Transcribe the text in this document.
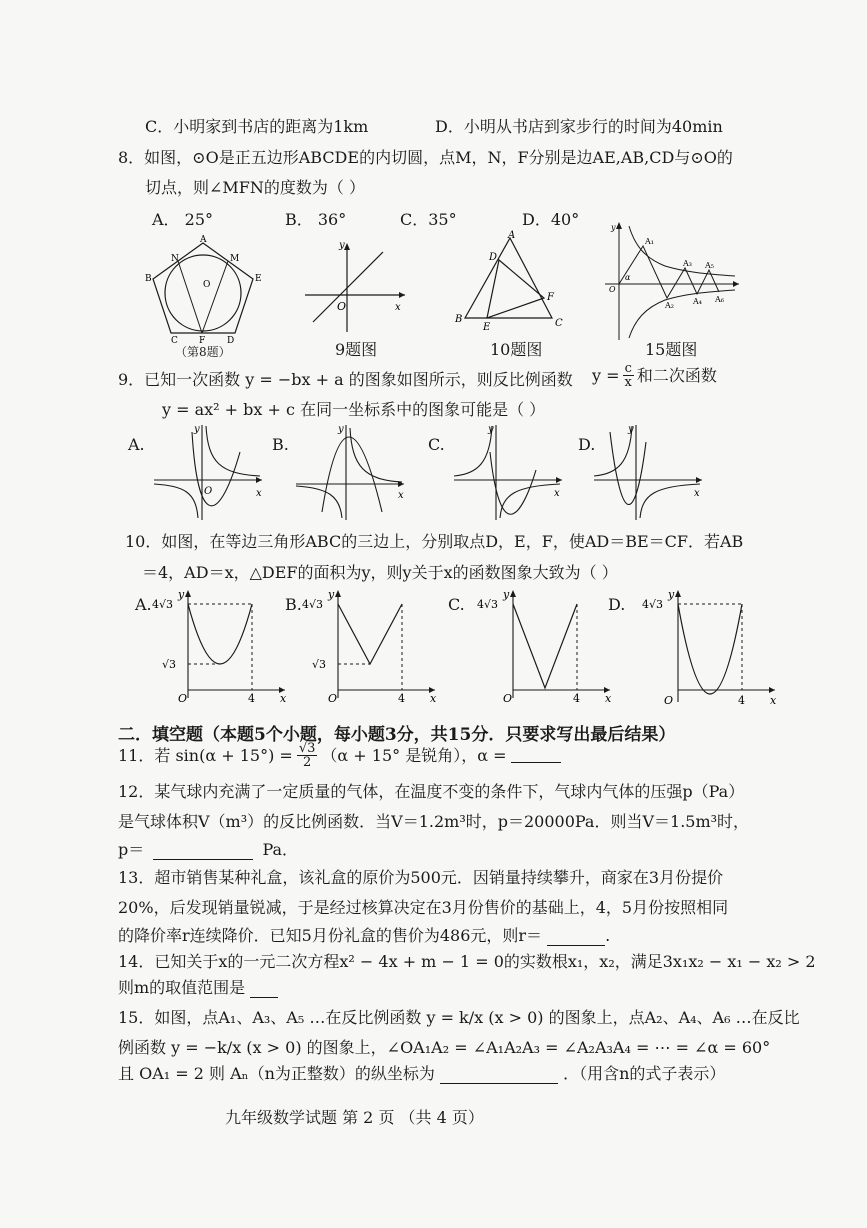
C．小明家到书店的距离为1km	D．小明从书店到家步行的时间为40min
8．如图，⊙O是正五边形ABCDE的内切圆，点M，N，F分别是边AE,AB,CD与⊙O的
切点，则∠MFN的度数为（ ）
A． 25°	B． 36°	C．35°	D．40°
A
E
B
C	D
F
N	M
O
（第8题）
y
x
O
9题图
A
D
F
B	C
E
10题图
A₁
A₂
A₃
A₄
A₅
A₆
α
O
y
15题图
9．已知一次函数 y = −bx + a 的图象如图所示，则反比例函数 $y = \frac{c}{x}$ 和二次函数
y = ax² + bx + c 在同一坐标系中的图象可能是（ ）
A.
x
O
y
B.
x
y
C.
x
y
D.
x
y
10．如图，在等边三角形ABC的三边上，分别取点D，E，F，使AD＝BE＝CF．若AB
＝4，AD＝x，△DEF的面积为y，则y关于x的函数图象大致为（ ）
A. 4√3
√3
4
O	x
y
B. 4√3
√3
4
O	x
y
C. 4√3
4
O	x
y
D. 4√3
4
O	x
y
二．填空题（本题5个小题，每小题3分，共15分．只要求写出最后结果）
11．若 $\sin(\alpha + 15^\circ) = \frac{√3}{2} (\alpha + 15^\circ$ 是锐角），α =
12．某气球内充满了一定质量的气体，在温度不变的条件下，气球内气体的压强p（Pa）
是气球体积V（m³）的反比例函数．当V＝1.2m³时，p＝20000Pa．则当V＝1.5m³时，
p＝	Pa．
13．超市销售某种礼盒，该礼盒的原价为500元．因销量持续攀升，商家在3月份提价
20%，后发现销量锐减，于是经过核算决定在3月份售价的基础上，4，5月份按照相同
的降价率r连续降价．已知5月份礼盒的售价为486元，则r＝	.
14．已知关于x的一元二次方程x² − 4x + m − 1 = 0的实数根x₁，x₂，满足3x₁x₂ − x₁ − x₂ > 2
则m的取值范围是
15．如图，点A₁、A₃、A₅ …在反比例函数 y = k/x (x > 0) 的图象上，点A₂、A₄、A₆ …在反比
例函数 y = −k/x (x > 0) 的图象上，∠OA₁A₂ = ∠A₁A₂A₃ = ∠A₂A₃A₄ = ⋯ = ∠α = 60°
且 OA₁ = 2 则 Aₙ（n为正整数）的纵坐标为	．（用含n的式子表示）
九年级数学试题 第 2 页 （共 4 页）
